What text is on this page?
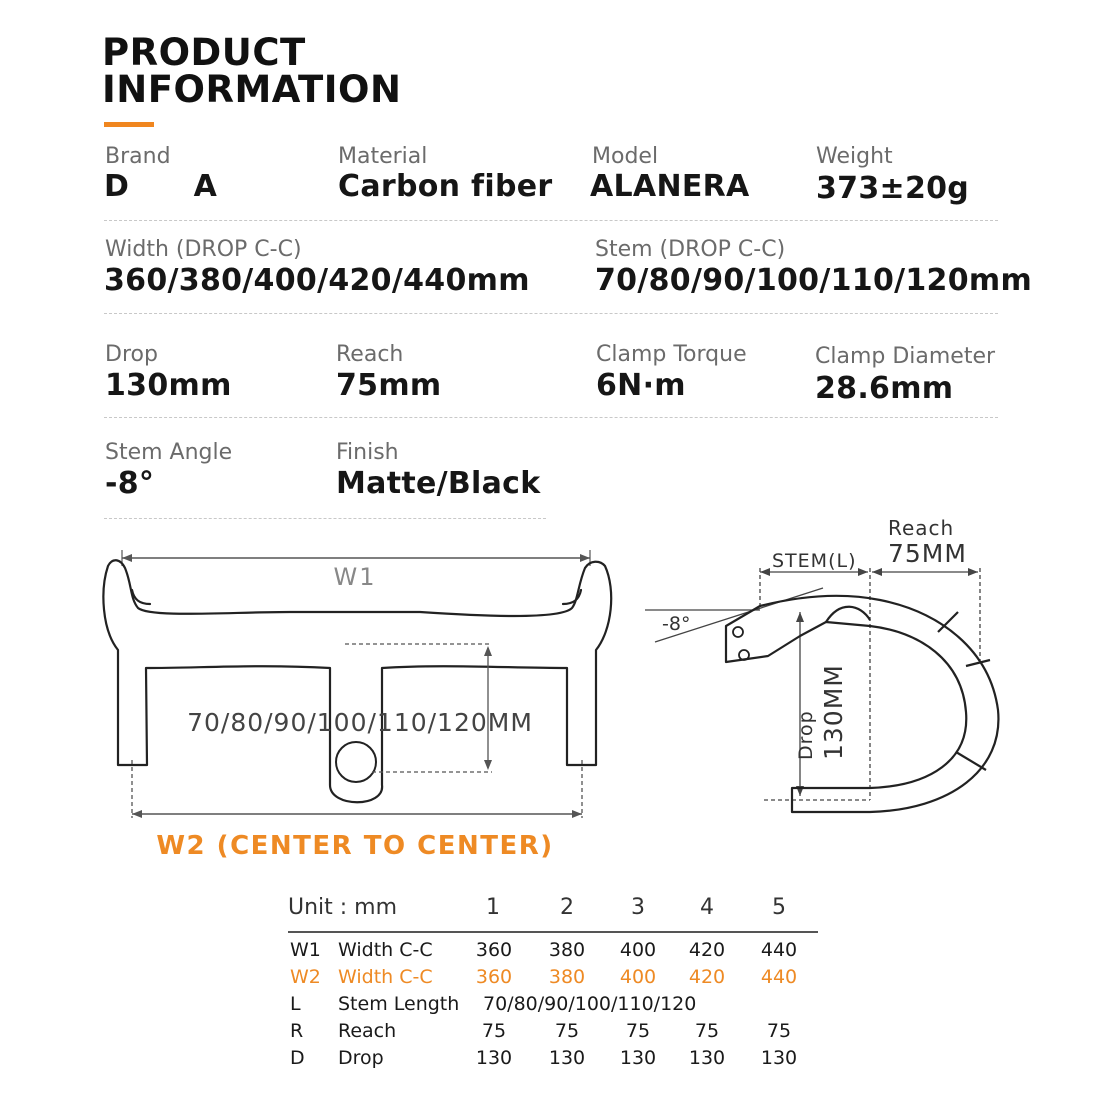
PRODUCT
INFORMATION
Brand
D      A
Material
Carbon fiber
Model
ALANERA
Weight
373±20g
Width (DROP C-C)
360/380/400/420/440mm
Stem (DROP C-C)
70/80/90/100/110/120mm
Drop
130mm
Reach
75mm
Clamp Torque
6N·m
Clamp Diameter
28.6mm
Stem Angle
-8°
Finish
Matte/Black
W1
70/80/90/100/110/120MM
W2 (CENTER TO CENTER)
Reach
75MM
STEM(L)
-8°
Drop 130MM
Unit : mm	1	2	3	4	5
W1 Width C-C	360	380	400	420	440
W2 Width C-C	360	380	400	420	440
L Stem Length 70/80/90/100/110/120
R Reach	75	75	75	75	75
D Drop	130	130	130	130	130
